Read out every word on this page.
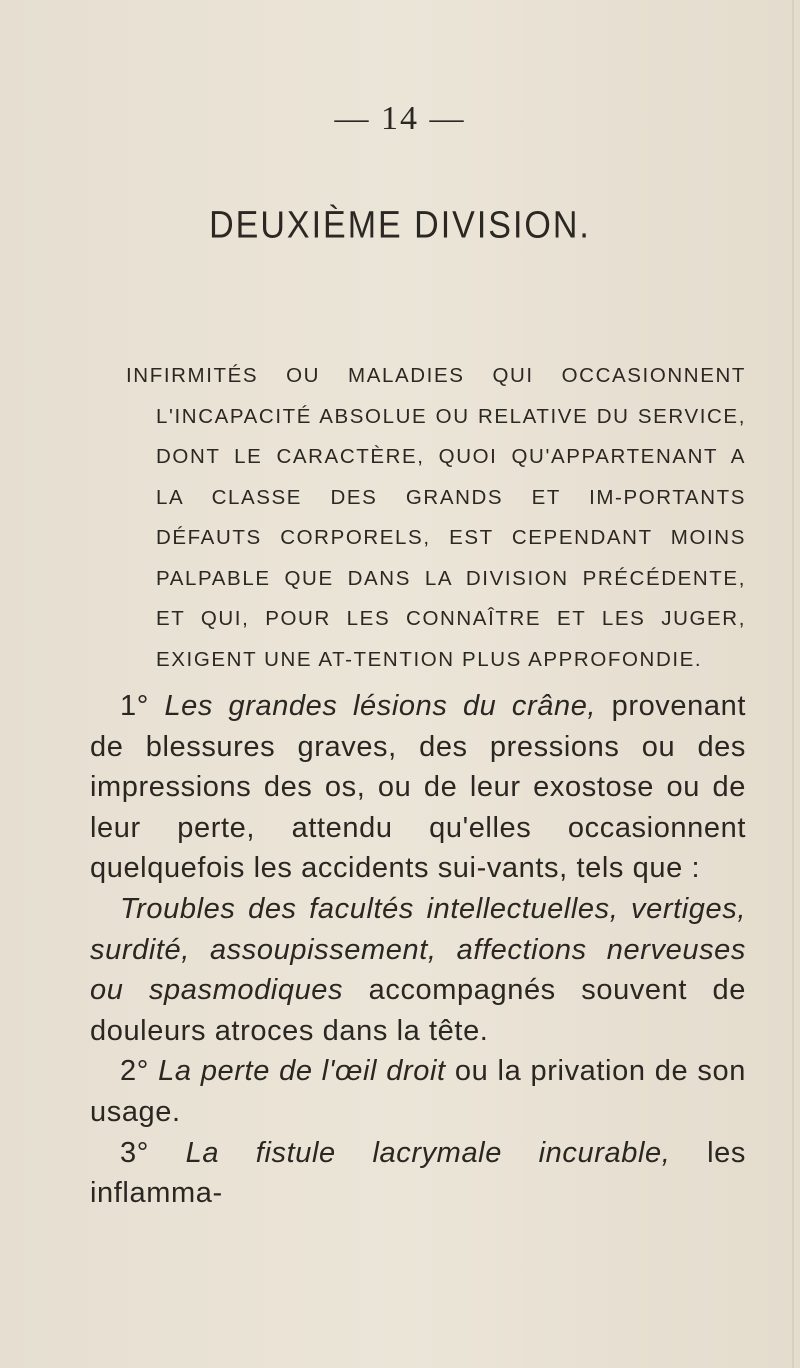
— 14 —
DEUXIÈME DIVISION.

INFIRMITÉS OU MALADIES QUI OCCASIONNENT L'INCAPACITÉ ABSOLUE OU RELATIVE DU SERVICE, DONT LE CARACTÈRE, QUOI QU'APPARTENANT A LA CLASSE DES GRANDS ET IM-PORTANTS DÉFAUTS CORPORELS, EST CEPENDANT MOINS PALPABLE QUE DANS LA DIVISION PRÉCÉDENTE, ET QUI, POUR LES CONNAÎTRE ET LES JUGER, EXIGENT UNE AT-TENTION PLUS APPROFONDIE.

1° Les grandes lésions du crâne, provenant de blessures graves, des pressions ou des impressions des os, ou de leur exostose ou de leur perte, attendu qu'elles occasionnent quelquefois les accidents sui-vants, tels que :

Troubles des facultés intellectuelles, vertiges, surdité, assoupissement, affections nerveuses ou spasmodiques accompagnés souvent de douleurs atroces dans la tête.

2° La perte de l'œil droit ou la privation de son usage.

3° La fistule lacrymale incurable, les inflamma-
